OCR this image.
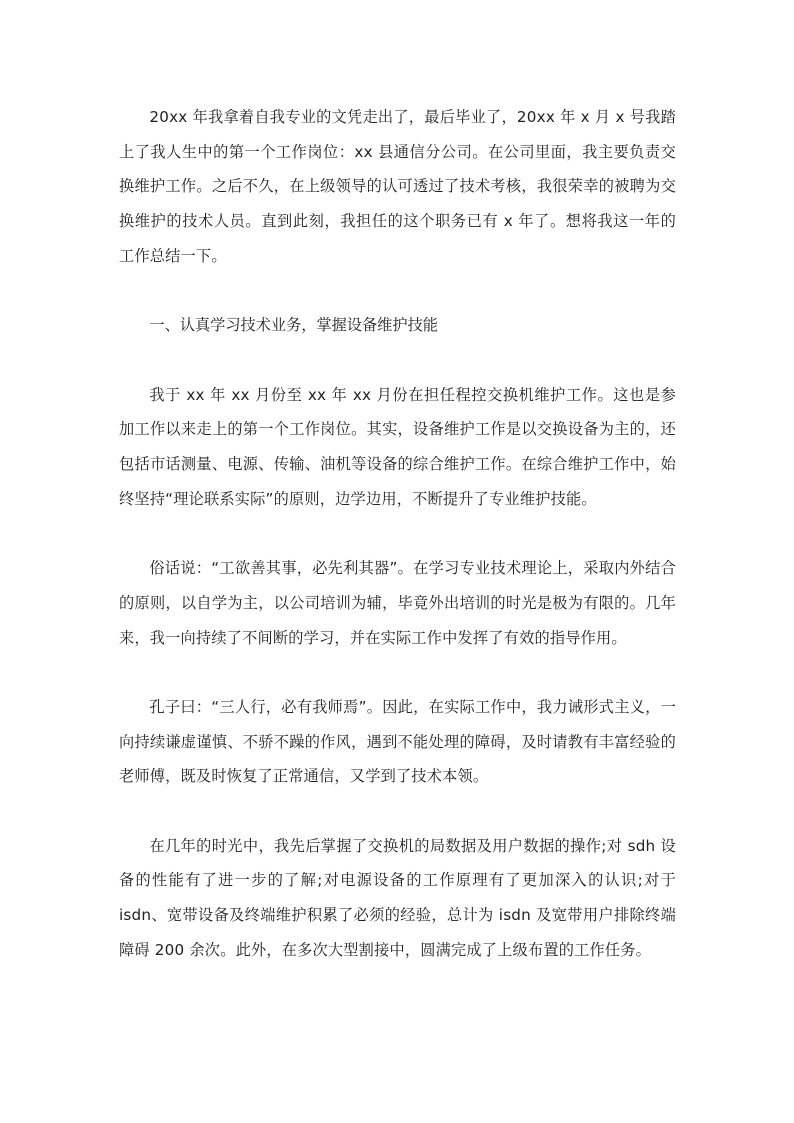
20xx 年我拿着自我专业的文凭走出了，最后毕业了，20xx 年 x 月 x 号我踏上了我人生中的第一个工作岗位：xx 县通信分公司。在公司里面，我主要负责交换维护工作。之后不久，在上级领导的认可透过了技术考核，我很荣幸的被聘为交换维护的技术人员。直到此刻，我担任的这个职务已有 x 年了。想将我这一年的工作总结一下。

一、认真学习技术业务，掌握设备维护技能

我于 xx 年 xx 月份至 xx 年 xx 月份在担任程控交换机维护工作。这也是参加工作以来走上的第一个工作岗位。其实，设备维护工作是以交换设备为主的，还包括市话测量、电源、传输、油机等设备的综合维护工作。在综合维护工作中，始终坚持“理论联系实际”的原则，边学边用，不断提升了专业维护技能。

俗话说：“工欲善其事，必先利其器”。在学习专业技术理论上，采取内外结合的原则，以自学为主，以公司培训为辅，毕竟外出培训的时光是极为有限的。几年来，我一向持续了不间断的学习，并在实际工作中发挥了有效的指导作用。

孔子曰：“三人行，必有我师焉”。因此，在实际工作中，我力诫形式主义，一向持续谦虚谨慎、不骄不躁的作风，遇到不能处理的障碍，及时请教有丰富经验的老师傅，既及时恢复了正常通信，又学到了技术本领。

在几年的时光中，我先后掌握了交换机的局数据及用户数据的操作;对 sdh 设备的性能有了进一步的了解;对电源设备的工作原理有了更加深入的认识;对于 isdn、宽带设备及终端维护积累了必须的经验，总计为 isdn 及宽带用户排除终端障碍 200 余次。此外，在多次大型割接中，圆满完成了上级布置的工作任务。
